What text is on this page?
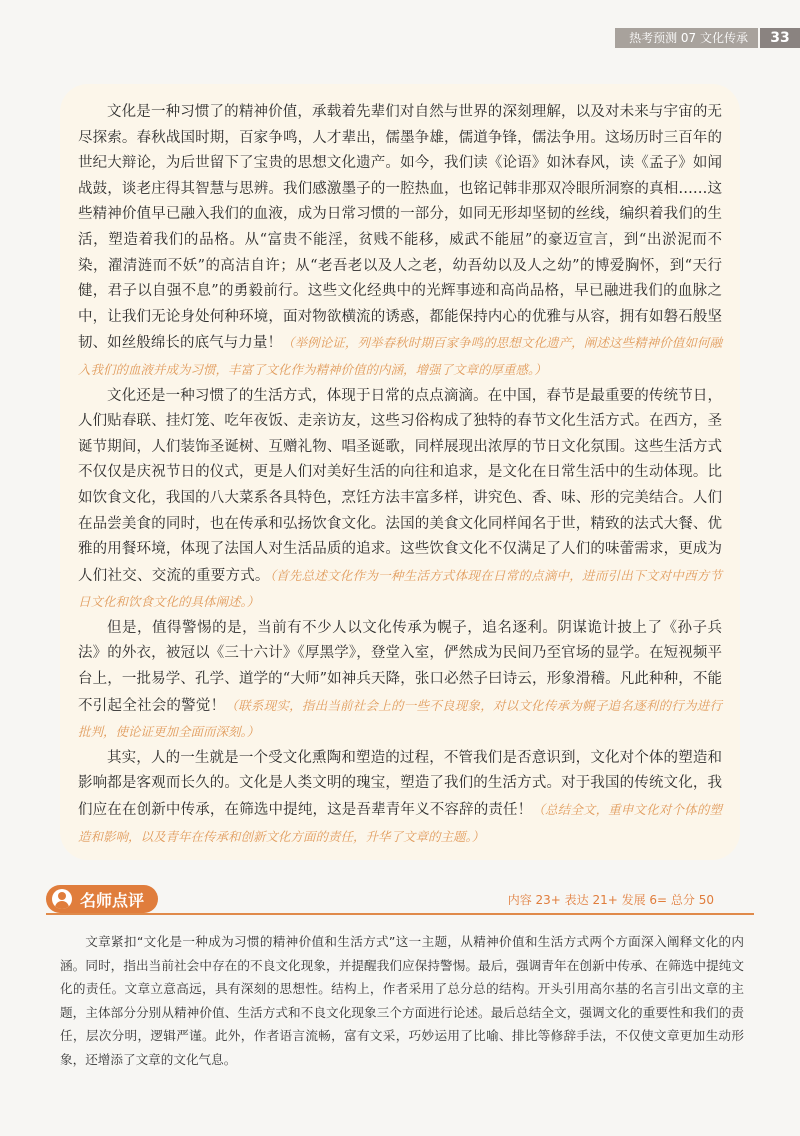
热考预测 07 文化传承	33

文化是一种习惯了的精神价值，承载着先辈们对自然与世界的深刻理解，以及对未来与宇宙的无尽探索。春秋战国时期，百家争鸣，人才辈出，儒墨争雄，儒道争锋，儒法争用。这场历时三百年的世纪大辩论，为后世留下了宝贵的思想文化遗产。如今，我们读《论语》如沐春风，读《孟子》如闻战鼓，谈老庄得其智慧与思辨。我们感激墨子的一腔热血，也铭记韩非那双冷眼所洞察的真相……这些精神价值早已融入我们的血液，成为日常习惯的一部分，如同无形却坚韧的丝线，编织着我们的生活，塑造着我们的品格。从“富贵不能淫，贫贱不能移，威武不能屈”的豪迈宣言，到“出淤泥而不染，濯清涟而不妖”的高洁自许；从“老吾老以及人之老，幼吾幼以及人之幼”的博爱胸怀，到“天行健，君子以自强不息”的勇毅前行。这些文化经典中的光辉事迹和高尚品格，早已融进我们的血脉之中，让我们无论身处何种环境，面对物欲横流的诱惑，都能保持内心的优雅与从容，拥有如磐石般坚韧、如丝般绵长的底气与力量！（举例论证，列举春秋时期百家争鸣的思想文化遗产，阐述这些精神价值如何融入我们的血液并成为习惯，丰富了文化作为精神价值的内涵，增强了文章的厚重感。）

文化还是一种习惯了的生活方式，体现于日常的点点滴滴。在中国，春节是最重要的传统节日，人们贴春联、挂灯笼、吃年夜饭、走亲访友，这些习俗构成了独特的春节文化生活方式。在西方，圣诞节期间，人们装饰圣诞树、互赠礼物、唱圣诞歌，同样展现出浓厚的节日文化氛围。这些生活方式不仅仅是庆祝节日的仪式，更是人们对美好生活的向往和追求，是文化在日常生活中的生动体现。比如饮食文化，我国的八大菜系各具特色，烹饪方法丰富多样，讲究色、香、味、形的完美结合。人们在品尝美食的同时，也在传承和弘扬饮食文化。法国的美食文化同样闻名于世，精致的法式大餐、优雅的用餐环境，体现了法国人对生活品质的追求。这些饮食文化不仅满足了人们的味蕾需求，更成为人们社交、交流的重要方式。（首先总述文化作为一种生活方式体现在日常的点滴中，进而引出下文对中西方节日文化和饮食文化的具体阐述。）

但是，值得警惕的是，当前有不少人以文化传承为幌子，追名逐利。阴谋诡计披上了《孙子兵法》的外衣，被冠以《三十六计》《厚黑学》，登堂入室，俨然成为民间乃至官场的显学。在短视频平台上，一批易学、孔学、道学的“大师”如神兵天降，张口必然子曰诗云，形象滑稽。凡此种种，不能不引起全社会的警觉！（联系现实，指出当前社会上的一些不良现象，对以文化传承为幌子追名逐利的行为进行批判，使论证更加全面而深刻。）

其实，人的一生就是一个受文化熏陶和塑造的过程，不管我们是否意识到，文化对个体的塑造和影响都是客观而长久的。文化是人类文明的瑰宝，塑造了我们的生活方式。对于我国的传统文化，我们应在在创新中传承，在筛选中提纯，这是吾辈青年义不容辞的责任！（总结全文，重申文化对个体的塑造和影响，以及青年在传承和创新文化方面的责任，升华了文章的主题。）

名师点评	内容 23+ 表达 21+ 发展 6= 总分 50

文章紧扣“文化是一种成为习惯的精神价值和生活方式”这一主题，从精神价值和生活方式两个方面深入阐释文化的内涵。同时，指出当前社会中存在的不良文化现象，并提醒我们应保持警惕。最后，强调青年在创新中传承、在筛选中提纯文化的责任。文章立意高远，具有深刻的思想性。结构上，作者采用了总分总的结构。开头引用高尔基的名言引出文章的主题，主体部分分别从精神价值、生活方式和不良文化现象三个方面进行论述。最后总结全文，强调文化的重要性和我们的责任，层次分明，逻辑严谨。此外，作者语言流畅，富有文采，巧妙运用了比喻、排比等修辞手法，不仅使文章更加生动形象，还增添了文章的文化气息。
